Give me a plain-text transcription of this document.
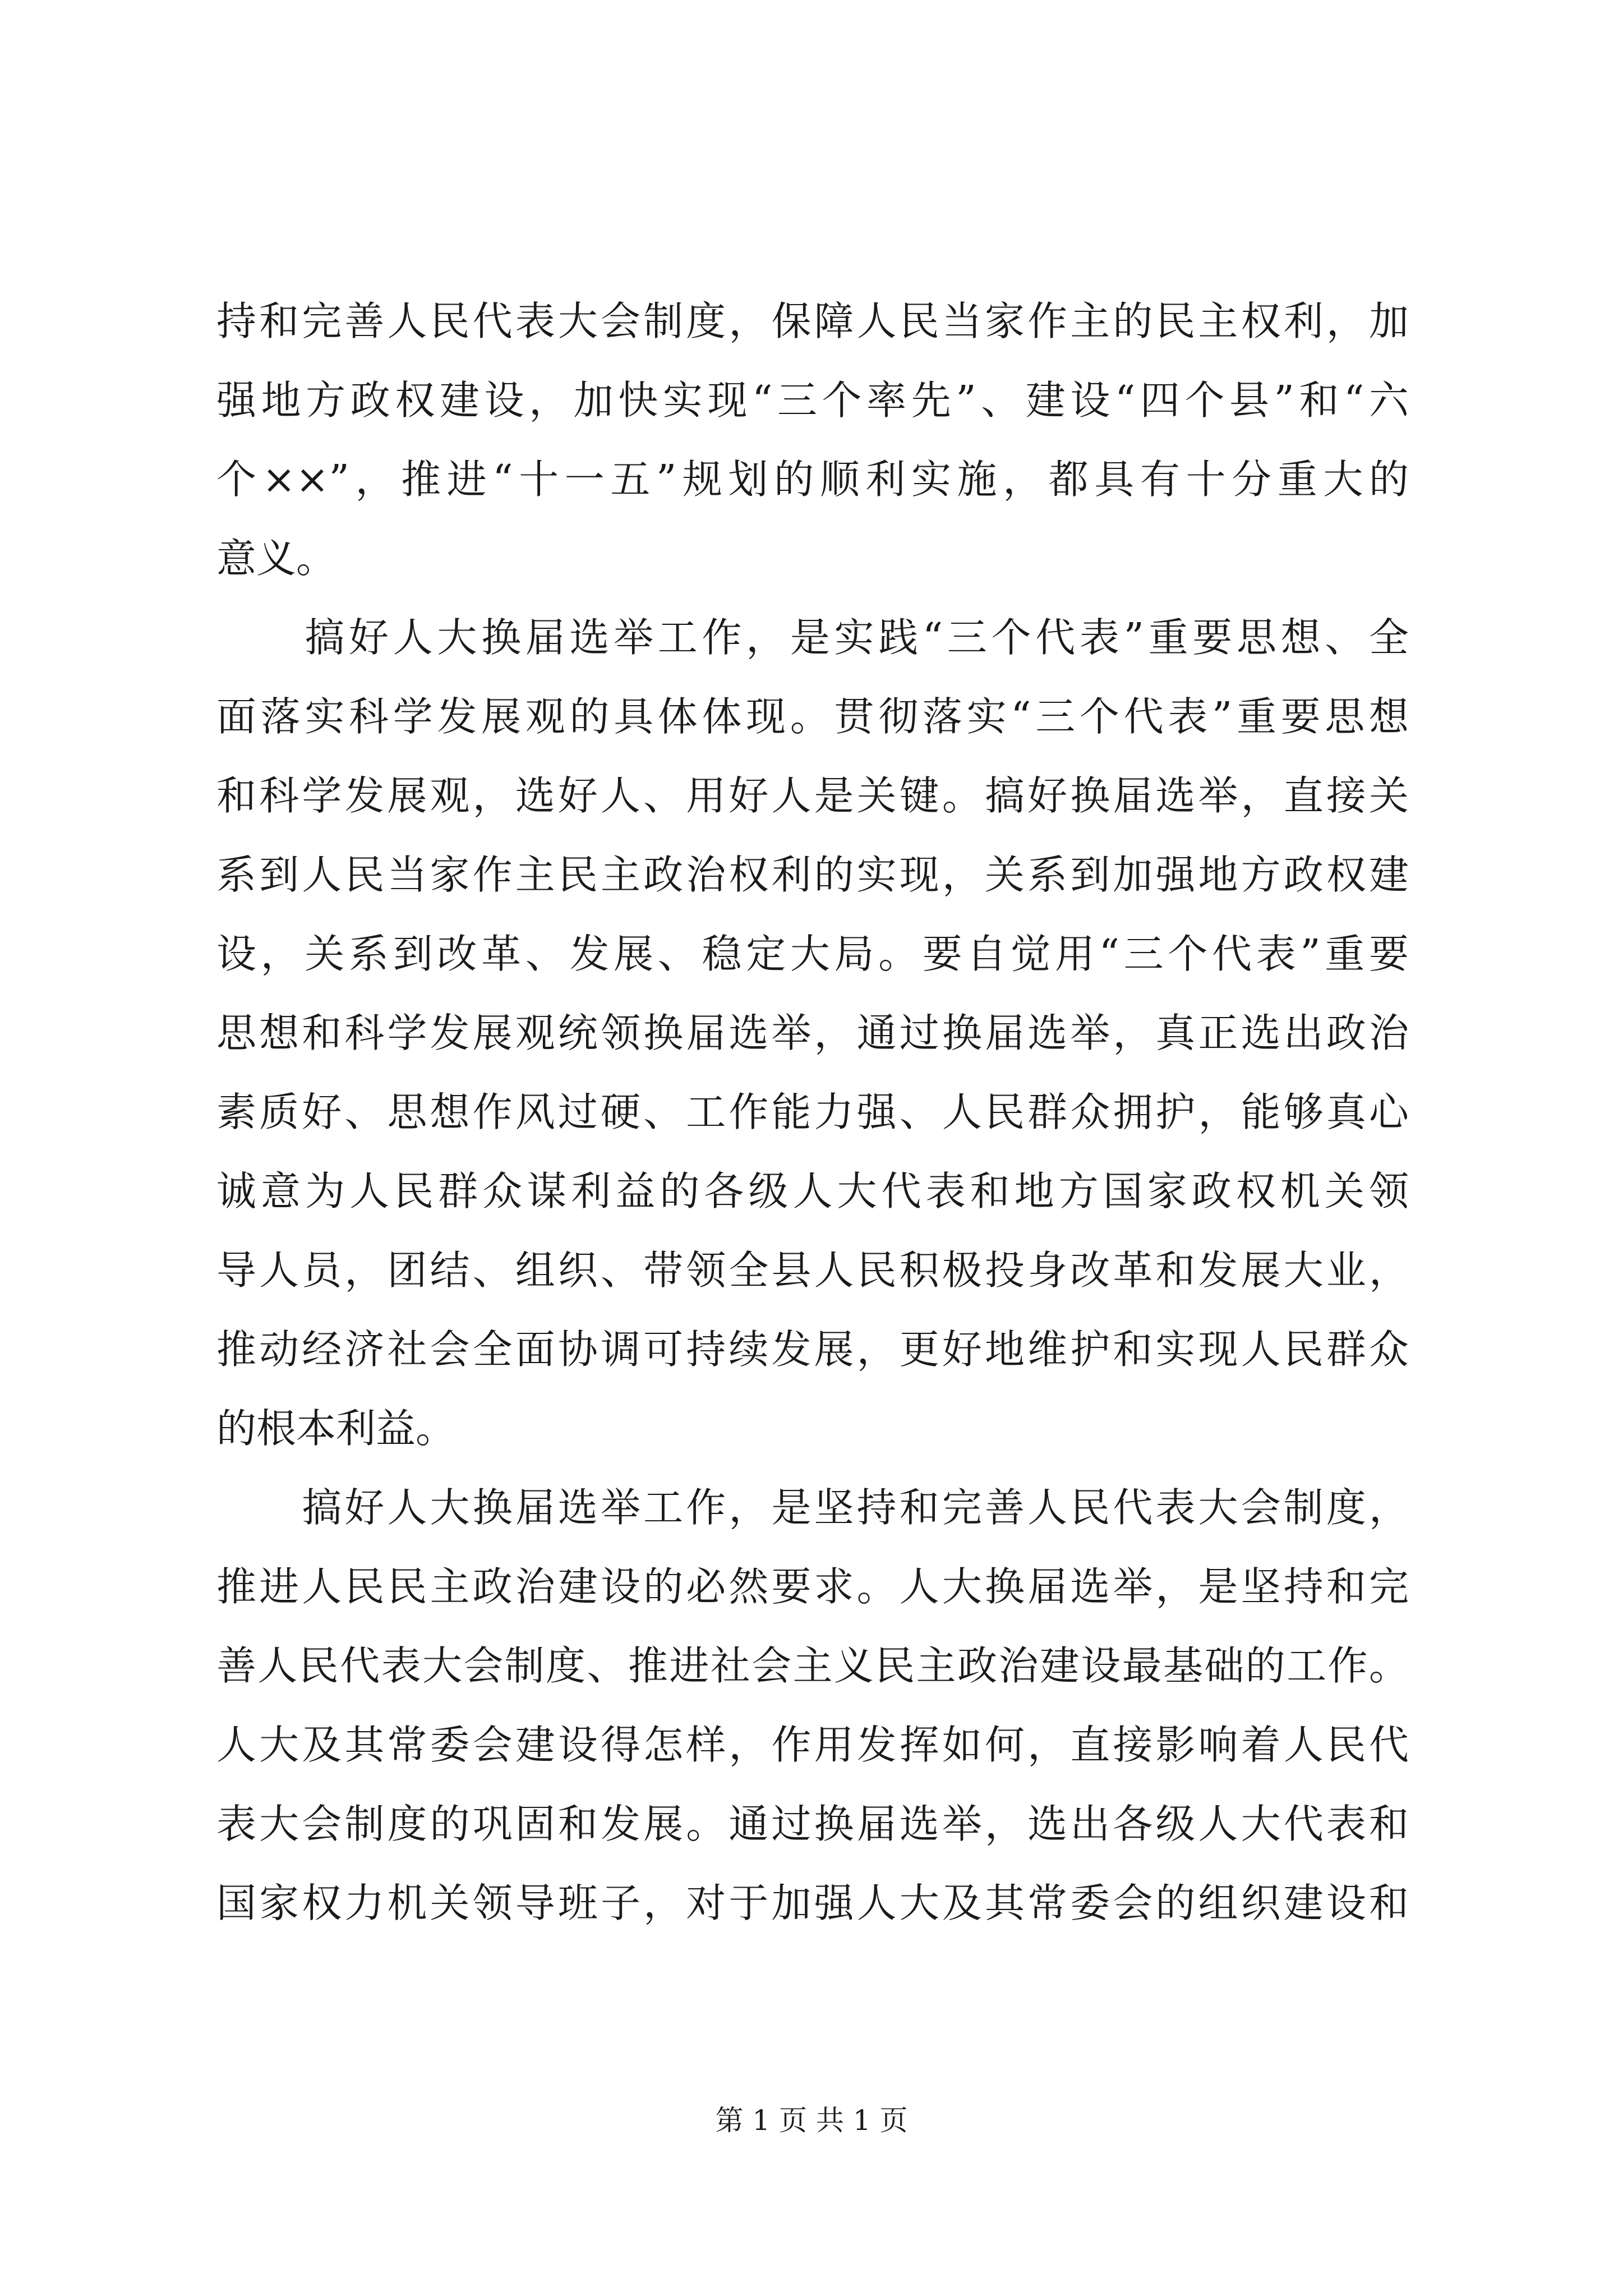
持和完善人民代表大会制度，保障人民当家作主的民主权利，加
强地方政权建设，加快实现“三个率先”、建设“四个县”和“六
个××”，推进“十一五”规划的顺利实施，都具有十分重大的
意义。
　　搞好人大换届选举工作，是实践“三个代表”重要思想、全
面落实科学发展观的具体体现。贯彻落实“三个代表”重要思想
和科学发展观，选好人、用好人是关键。搞好换届选举，直接关
系到人民当家作主民主政治权利的实现，关系到加强地方政权建
设，关系到改革、发展、稳定大局。要自觉用“三个代表”重要
思想和科学发展观统领换届选举，通过换届选举，真正选出政治
素质好、思想作风过硬、工作能力强、人民群众拥护，能够真心
诚意为人民群众谋利益的各级人大代表和地方国家政权机关领
导人员，团结、组织、带领全县人民积极投身改革和发展大业，
推动经济社会全面协调可持续发展，更好地维护和实现人民群众
的根本利益。
　　搞好人大换届选举工作，是坚持和完善人民代表大会制度，
推进人民民主政治建设的必然要求。人大换届选举，是坚持和完
善人民代表大会制度、推进社会主义民主政治建设最基础的工作。
人大及其常委会建设得怎样，作用发挥如何，直接影响着人民代
表大会制度的巩固和发展。通过换届选举，选出各级人大代表和
国家权力机关领导班子，对于加强人大及其常委会的组织建设和
第 1 页 共 1 页
